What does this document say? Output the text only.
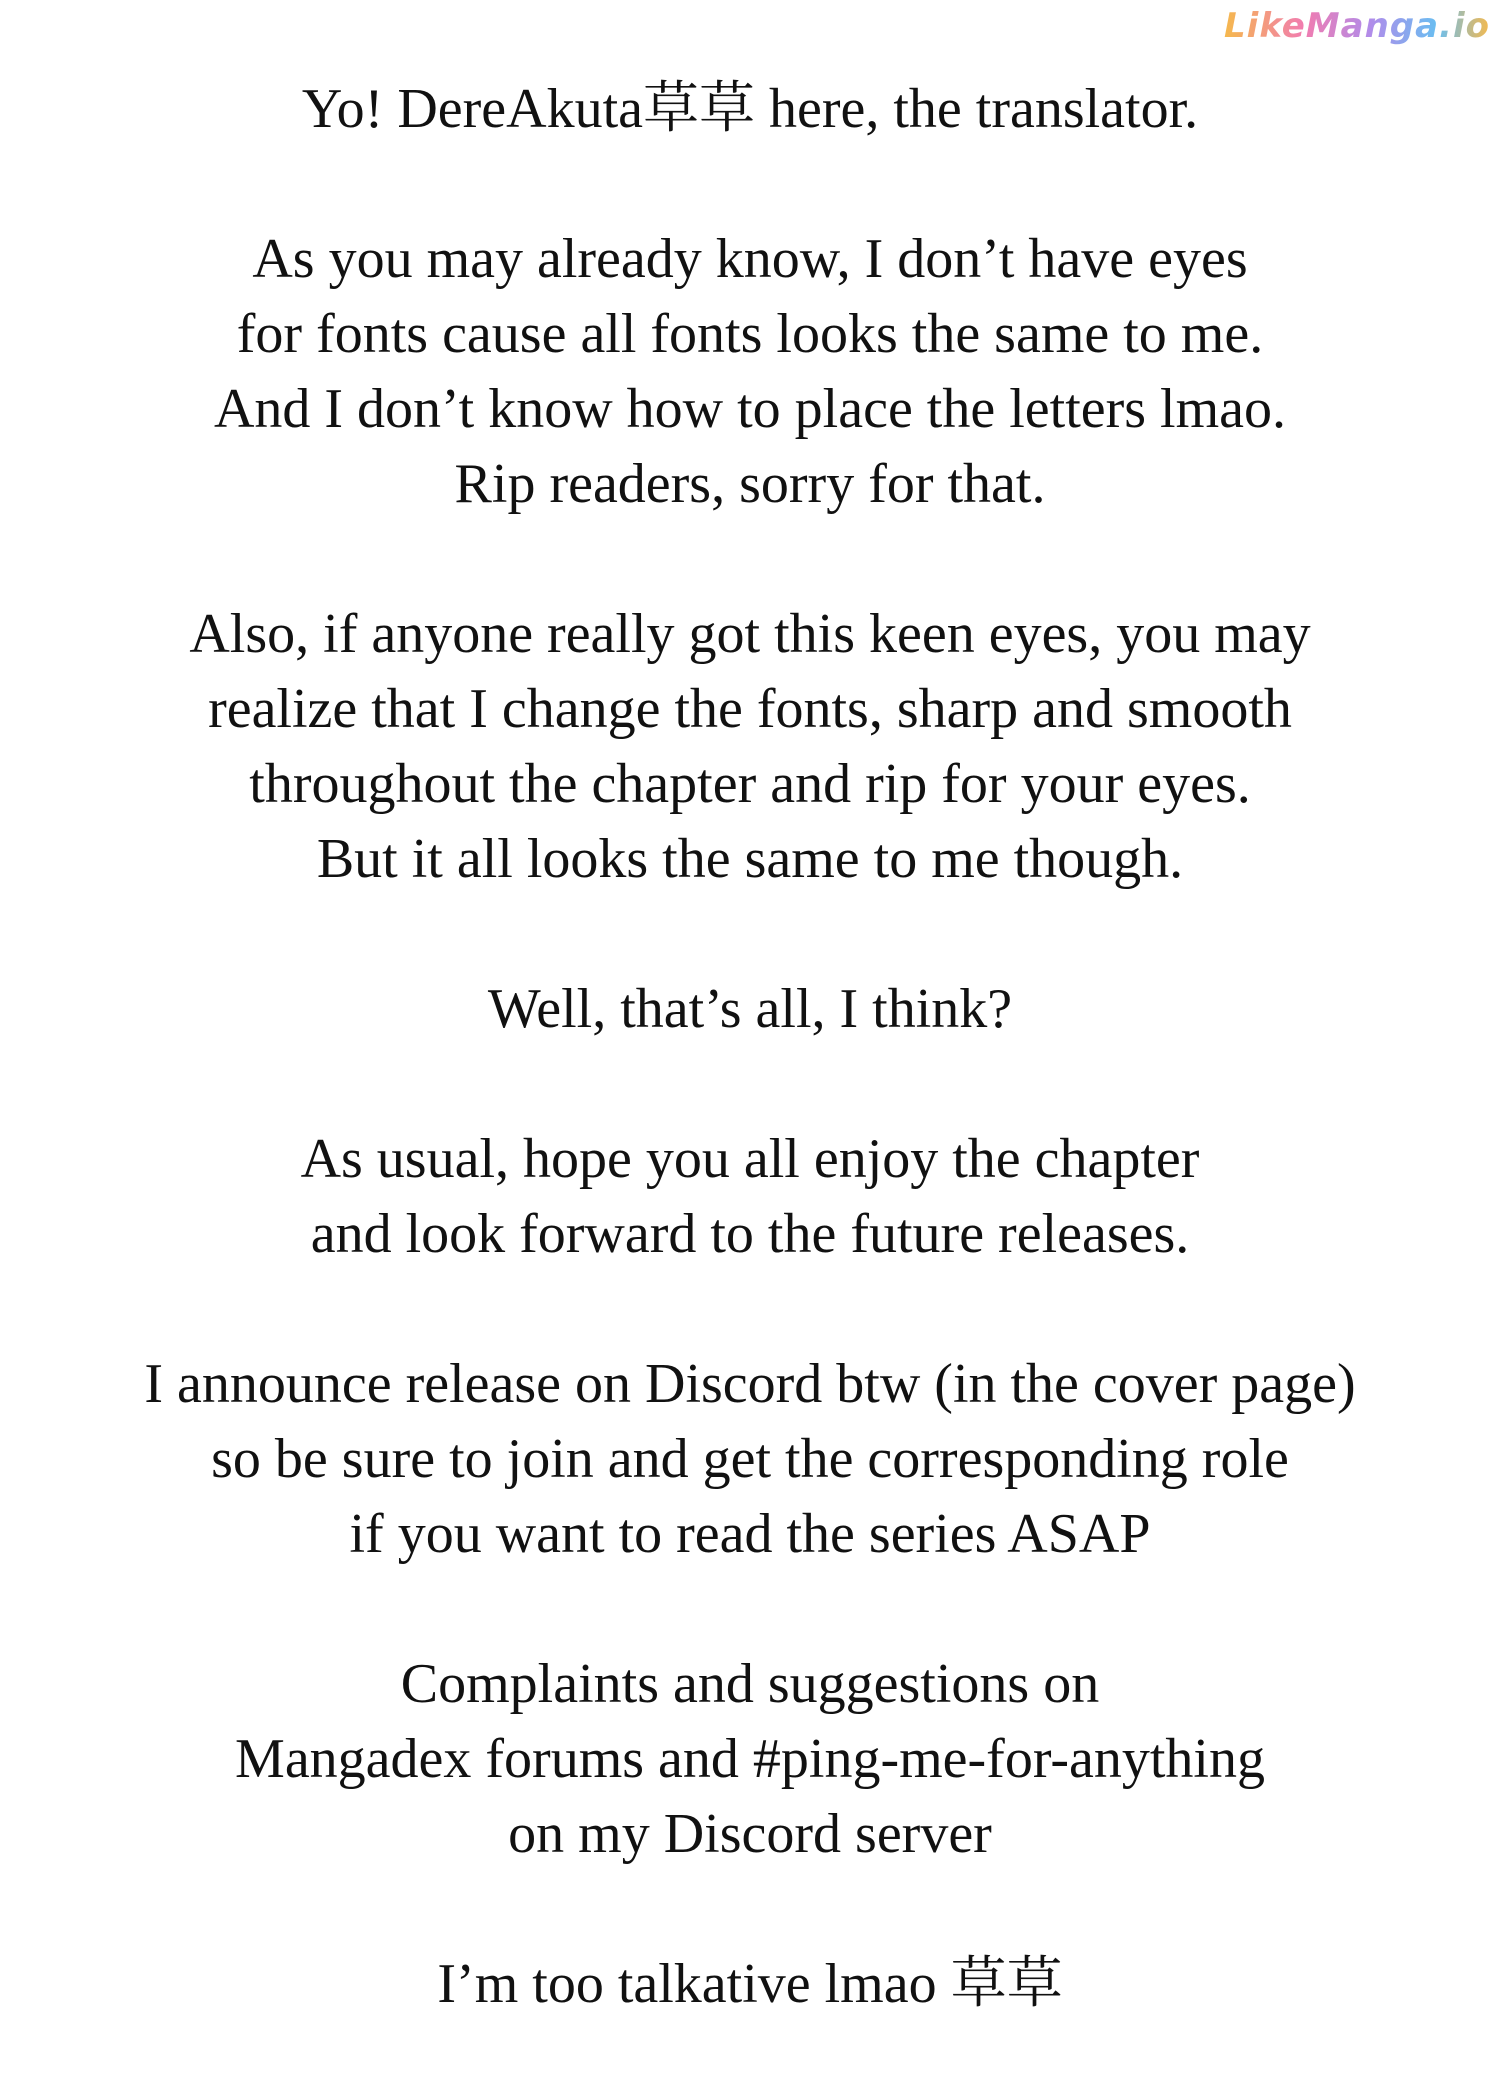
LikeManga.io
Yo! DereAkuta草草 here, the translator.
As you may already know, I don’t have eyes
for fonts cause all fonts looks the same to me.
And I don’t know how to place the letters lmao.
Rip readers, sorry for that.
Also, if anyone really got this keen eyes, you may
realize that I change the fonts, sharp and smooth
throughout the chapter and rip for your eyes.
But it all looks the same to me though.
Well, that’s all, I think?
As usual, hope you all enjoy the chapter
and look forward to the future releases.
I announce release on Discord btw (in the cover page)
so be sure to join and get the corresponding role
if you want to read the series ASAP
Complaints and suggestions on
Mangadex forums and #ping-me-for-anything
on my Discord server
I’m too talkative lmao 草草
